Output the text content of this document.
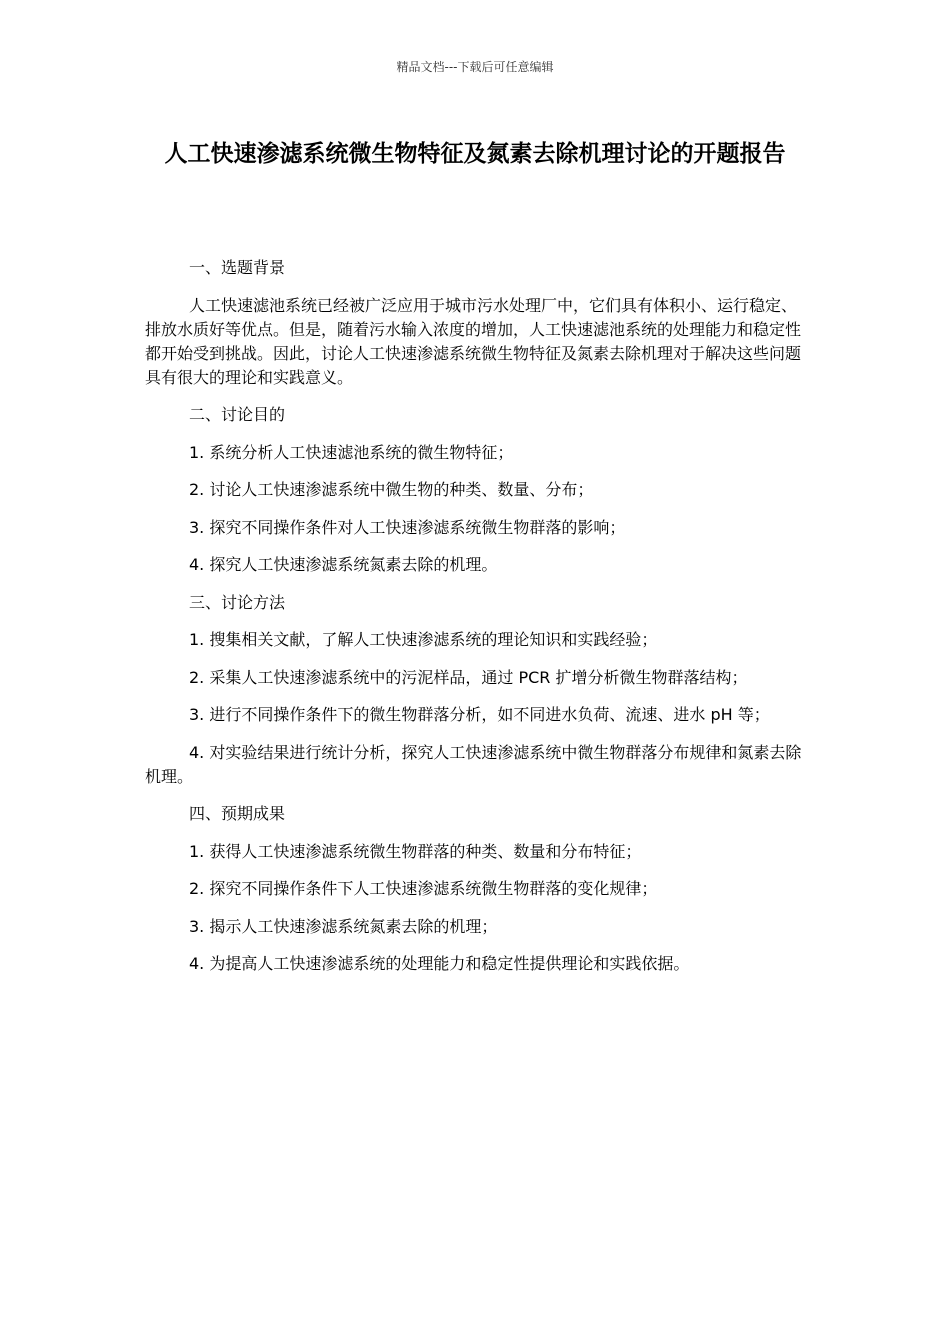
精品文档---下载后可任意编辑
人工快速渗滤系统微生物特征及氮素去除机理讨论的开题报告

一、选题背景

人工快速滤池系统已经被广泛应用于城市污水处理厂中，它们具有体积小、运行稳定、排放水质好等优点。但是，随着污水输入浓度的增加，人工快速滤池系统的处理能力和稳定性都开始受到挑战。因此，讨论人工快速渗滤系统微生物特征及氮素去除机理对于解决这些问题具有很大的理论和实践意义。

二、讨论目的

1. 系统分析人工快速滤池系统的微生物特征；

2. 讨论人工快速渗滤系统中微生物的种类、数量、分布；

3. 探究不同操作条件对人工快速渗滤系统微生物群落的影响；

4. 探究人工快速渗滤系统氮素去除的机理。

三、讨论方法

1. 搜集相关文献，了解人工快速渗滤系统的理论知识和实践经验；

2. 采集人工快速渗滤系统中的污泥样品，通过 PCR 扩增分析微生物群落结构；

3. 进行不同操作条件下的微生物群落分析，如不同进水负荷、流速、进水 pH 等；

4. 对实验结果进行统计分析，探究人工快速渗滤系统中微生物群落分布规律和氮素去除机理。

四、预期成果

1. 获得人工快速渗滤系统微生物群落的种类、数量和分布特征；

2. 探究不同操作条件下人工快速渗滤系统微生物群落的变化规律；

3. 揭示人工快速渗滤系统氮素去除的机理；

4. 为提高人工快速渗滤系统的处理能力和稳定性提供理论和实践依据。
